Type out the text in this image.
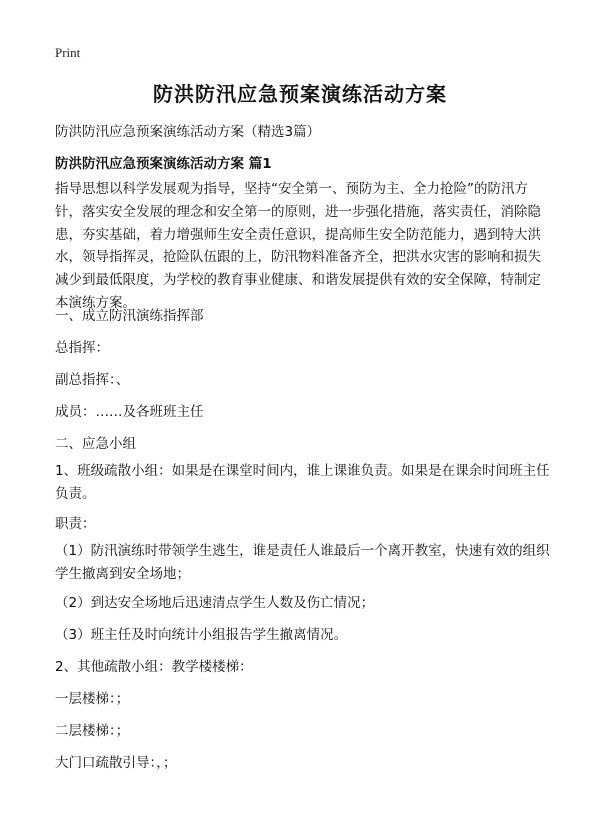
Print
防洪防汛应急预案演练活动方案
防洪防汛应急预案演练活动方案（精选3篇）
防洪防汛应急预案演练活动方案 篇1

指导思想以科学发展观为指导，坚持“安全第一、预防为主、全力抢险”的防汛方针，落实安全发展的理念和安全第一的原则，进一步强化措施，落实责任，消除隐患，夯实基础，着力增强师生安全责任意识，提高师生安全防范能力，遇到特大洪水，领导指挥灵，抢险队伍跟的上，防汛物料准备齐全，把洪水灾害的影响和损失减少到最低限度，为学校的教育事业健康、和谐发展提供有效的安全保障，特制定本演练方案。

一、成立防汛演练指挥部
总指挥：
副总指挥：、
成员：……及各班班主任
二、应急小组
1、班级疏散小组：如果是在课堂时间内，谁上课谁负责。如果是在课余时间班主任负责。
职责：
（1）防汛演练时带领学生逃生，谁是责任人谁最后一个离开教室，快速有效的组织学生撤离到安全场地；
（2）到达安全场地后迅速清点学生人数及伤亡情况；
（3）班主任及时向统计小组报告学生撤离情况。
2、其他疏散小组：教学楼楼梯：
一层楼梯：；
二层楼梯：；
大门口疏散引导：，；
